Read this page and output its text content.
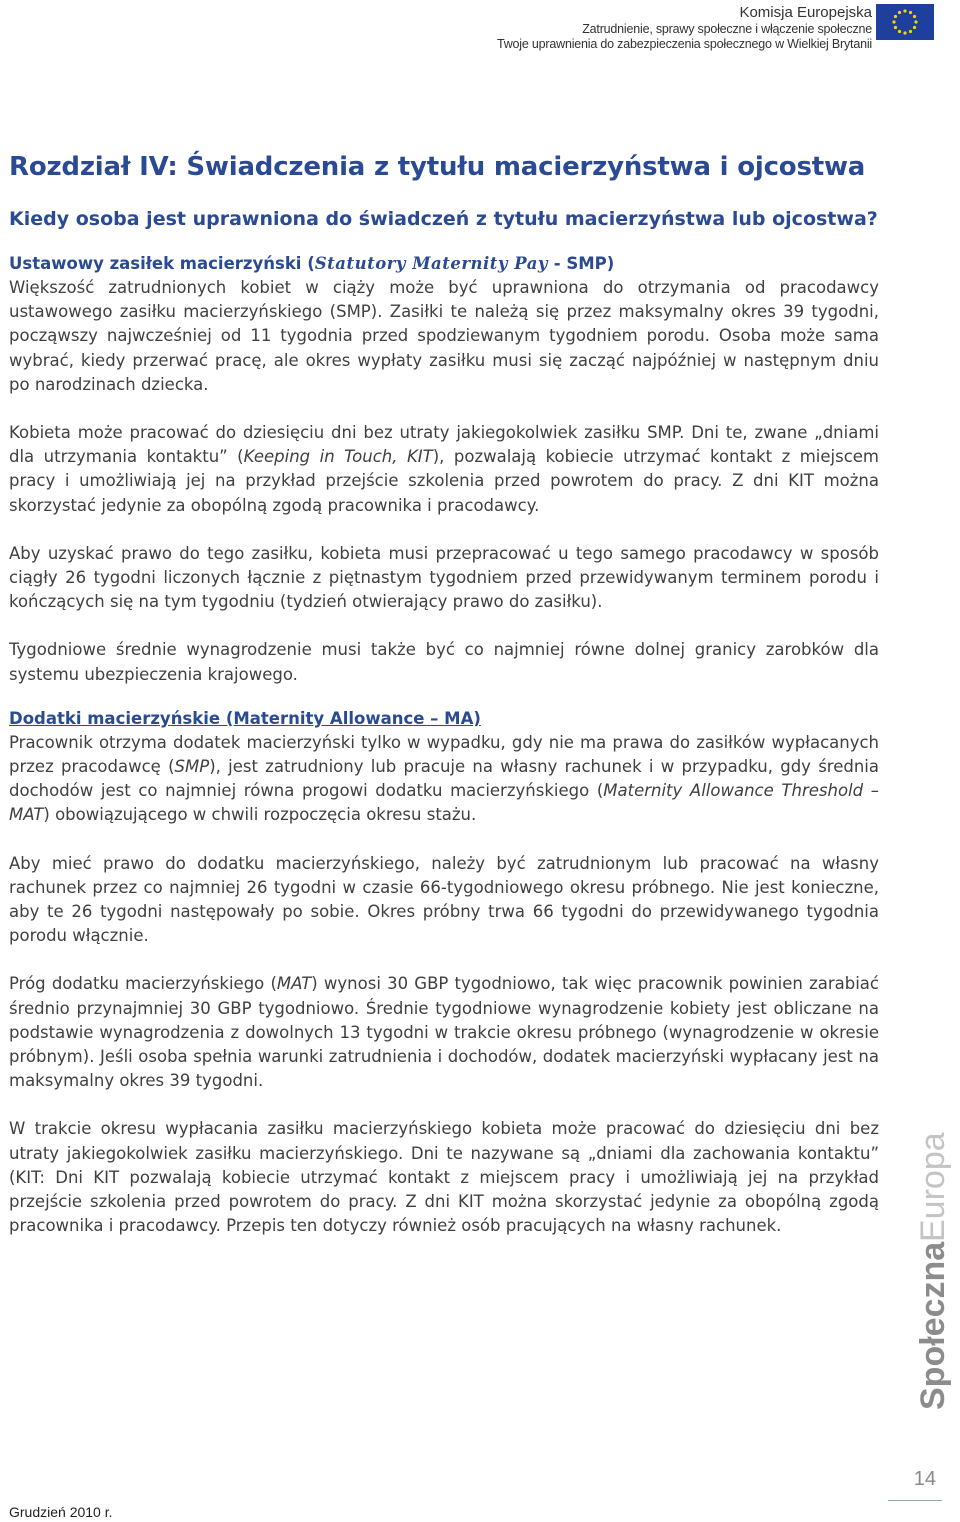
Komisja Europejska
Zatrudnienie, sprawy społeczne i włączenie społeczne
Twoje uprawnienia do zabezpieczenia społecznego w Wielkiej Brytanii
Rozdział IV: Świadczenia z tytułu macierzyństwa i ojcostwa
Kiedy osoba jest uprawniona do świadczeń z tytułu macierzyństwa lub ojcostwa?
Ustawowy zasiłek macierzyński (Statutory Maternity Pay - SMP)

Większość zatrudnionych kobiet w ciąży może być uprawniona do otrzymania od pracodawcy ustawowego zasiłku macierzyńskiego (SMP). Zasiłki te należą się przez maksymalny okres 39 tygodni, począwszy najwcześniej od 11 tygodnia przed spodziewanym tygodniem porodu. Osoba może sama wybrać, kiedy przerwać pracę, ale okres wypłaty zasiłku musi się zacząć najpóźniej w następnym dniu po narodzinach dziecka.

Kobieta może pracować do dziesięciu dni bez utraty jakiegokolwiek zasiłku SMP. Dni te, zwane „dniami dla utrzymania kontaktu” (Keeping in Touch, KIT), pozwalają kobiecie utrzymać kontakt z miejscem pracy i umożliwiają jej na przykład przejście szkolenia przed powrotem do pracy. Z dni KIT można skorzystać jedynie za obopólną zgodą pracownika i pracodawcy.

Aby uzyskać prawo do tego zasiłku, kobieta musi przepracować u tego samego pracodawcy w sposób ciągły 26 tygodni liczonych łącznie z piętnastym tygodniem przed przewidywanym terminem porodu i kończących się na tym tygodniu (tydzień otwierający prawo do zasiłku).

Tygodniowe średnie wynagrodzenie musi także być co najmniej równe dolnej granicy zarobków dla systemu ubezpieczenia krajowego.

Dodatki macierzyńskie (Maternity Allowance – MA)

Pracownik otrzyma dodatek macierzyński tylko w wypadku, gdy nie ma prawa do zasiłków wypłacanych przez pracodawcę (SMP), jest zatrudniony lub pracuje na własny rachunek i w przypadku, gdy średnia dochodów jest co najmniej równa progowi dodatku macierzyńskiego (Maternity Allowance Threshold – MAT) obowiązującego w chwili rozpoczęcia okresu stażu.

Aby mieć prawo do dodatku macierzyńskiego, należy być zatrudnionym lub pracować na własny rachunek przez co najmniej 26 tygodni w czasie 66-tygodniowego okresu próbnego. Nie jest konieczne, aby te 26 tygodni następowały po sobie. Okres próbny trwa 66 tygodni do przewidywanego tygodnia porodu włącznie.

Próg dodatku macierzyńskiego (MAT) wynosi 30 GBP tygodniowo, tak więc pracownik powinien zarabiać średnio przynajmniej 30 GBP tygodniowo. Średnie tygodniowe wynagrodzenie kobiety jest obliczane na podstawie wynagrodzenia z dowolnych 13 tygodni w trakcie okresu próbnego (wynagrodzenie w okresie próbnym). Jeśli osoba spełnia warunki zatrudnienia i dochodów, dodatek macierzyński wypłacany jest na maksymalny okres 39 tygodni.

W trakcie okresu wypłacania zasiłku macierzyńskiego kobieta może pracować do dziesięciu dni bez utraty jakiegokolwiek zasiłku macierzyńskiego. Dni te nazywane są „dniami dla zachowania kontaktu” (KIT: Dni KIT pozwalają kobiecie utrzymać kontakt z miejscem pracy i umożliwiają jej na przykład przejście szkolenia przed powrotem do pracy. Z dni KIT można skorzystać jedynie za obopólną zgodą pracownika i pracodawcy. Przepis ten dotyczy również osób pracujących na własny rachunek.

Społeczna
Europa
14
Grudzień 2010 r.
